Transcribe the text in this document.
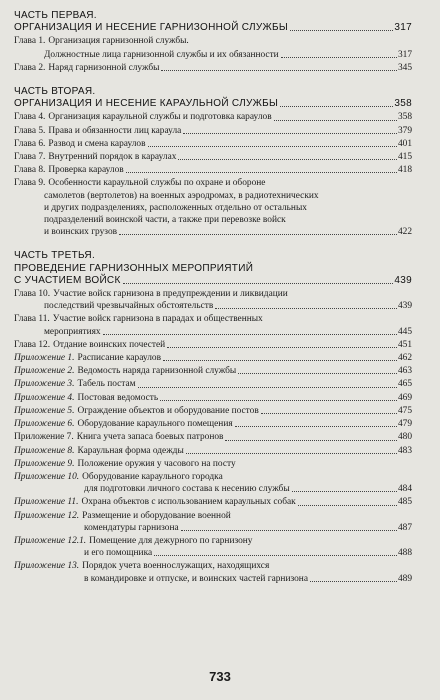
ЧАСТЬ ПЕРВАЯ.
ОРГАНИЗАЦИЯ И НЕСЕНИЕ ГАРНИЗОННОЙ СЛУЖБЫ	317
Глава 1. Организация гарнизонной службы.
Должностные лица гарнизонной службы и их обязанности	317
Глава 2. Наряд гарнизонной службы	345
ЧАСТЬ ВТОРАЯ.
ОРГАНИЗАЦИЯ И НЕСЕНИЕ КАРАУЛЬНОЙ СЛУЖБЫ	358
Глава 4. Организация караульной службы и подготовка караулов	358
Глава 5. Права и обязанности лиц караула	379
Глава 6. Развод и смена караулов	401
Глава 7. Внутренний порядок в караулах	415
Глава 8. Проверка караулов	418
Глава 9. Особенности караульной службы по охране и обороне
самолетов (вертолетов) на военных аэродромах, в радиотехнических
и других подразделениях, расположенных отдельно от остальных
подразделений воинской части, а также при перевозке войск
и воинских грузов	422
ЧАСТЬ ТРЕТЬЯ.
ПРОВЕДЕНИЕ ГАРНИЗОННЫХ МЕРОПРИЯТИЙ
С УЧАСТИЕМ ВОЙСК	439
Глава 10. Участие войск гарнизона в предупреждении и ликвидации
последствий чрезвычайных обстоятельств	439
Глава 11. Участие войск гарнизона в парадах и общественных
мероприятиях	445
Глава 12. Отдание воинских почестей	451
Приложение 1. Расписание караулов	462
Приложение 2. Ведомость наряда гарнизонной службы	463
Приложение 3. Табель постам	465
Приложение 4. Постовая ведомость	469
Приложение 5. Ограждение объектов и оборудование постов	475
Приложение 6. Оборудование караульного помещения	479
Приложение 7. Книга учета запаса боевых патронов	480
Приложение 8. Караульная форма одежды	483
Приложение 9. Положение оружия у часового на посту
Приложение 10. Оборудование караульного городка
для подготовки личного состава к несению службы	484
Приложение 11. Охрана объектов с использованием караульных собак	485
Приложение 12. Размещение и оборудование военной
комендатуры гарнизона	487
Приложение 12.1. Помещение для дежурного по гарнизону
и его помощника	488
Приложение 13. Порядок учета военнослужащих, находящихся
в командировке и отпуске, и воинских частей гарнизона	489
733
